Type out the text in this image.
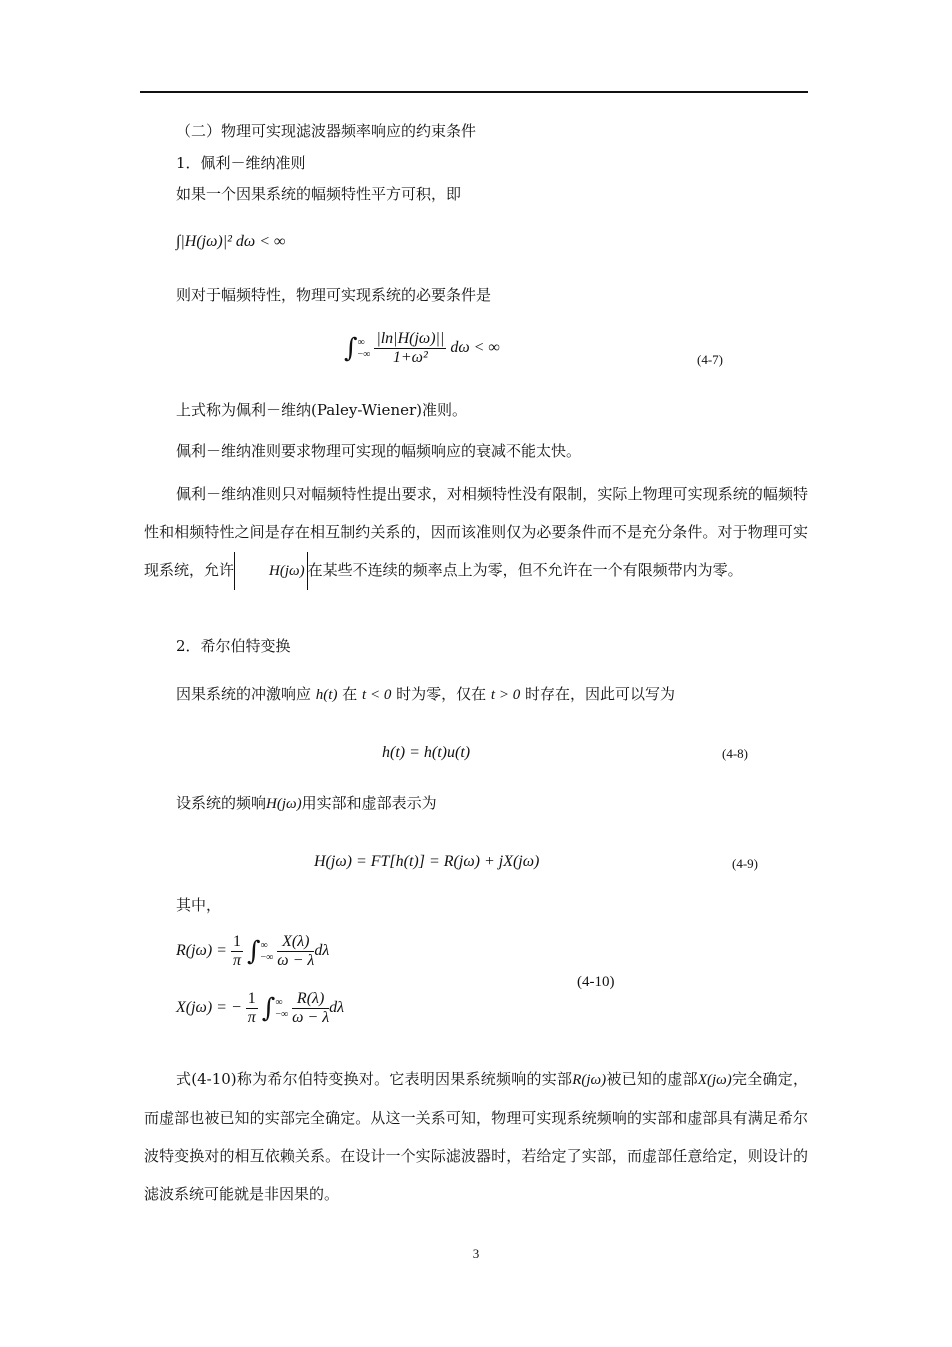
（二）物理可实现滤波器频率响应的约束条件
1．佩利－维纳准则
如果一个因果系统的幅频特性平方可积，即
∫|H(jω)|² dω < ∞
则对于幅频特性，物理可实现系统的必要条件是
∫∞
−∞ $\frac{|\ln|H(j\omega)||}{\text{1+ω²}}$ dω < ∞
(4-7)
上式称为佩利－维纳(Paley-Wiener)准则。
佩利－维纳准则要求物理可实现的幅频响应的衰减不能太快。
佩利－维纳准则只对幅频特性提出要求，对相频特性没有限制，实际上物理可实现系统的幅频特性和相频特性之间是存在相互制约关系的，因而该准则仅为必要条件而不是充分条件。对于物理可实现系统，允许 H(jω) 在某些不连续的频率点上为零，但不允许在一个有限频带内为零。
2．希尔伯特变换
因果系统的冲激响应 h(t) 在 t < 0 时为零，仅在 t > 0 时存在，因此可以写为
h(t) = h(t)u(t)	(4-8)
设系统的频响H(jω)用实部和虚部表示为
H(jω) = FT[h(t)] = R(jω) + jX(jω)	(4-9)
其中，
$R(j\omega) = \frac{1}{\pi}$ ∫∞
−∞ $\frac{X(\lambda)}{\omega - \lambda}$ dλ
X(jω) = − $\frac{1}{\pi}$ ∫∞
−∞ $\frac{R(\lambda)}{\omega - \lambda}$ dλ
(4-10)
式(4-10)称为希尔伯特变换对。它表明因果系统频响的实部R(jω)被已知的虚部X(jω)完全确定，而虚部也被已知的实部完全确定。从这一关系可知，物理可实现系统频响的实部和虚部具有满足希尔波特变换对的相互依赖关系。在设计一个实际滤波器时，若给定了实部，而虚部任意给定，则设计的滤波系统可能就是非因果的。
3
